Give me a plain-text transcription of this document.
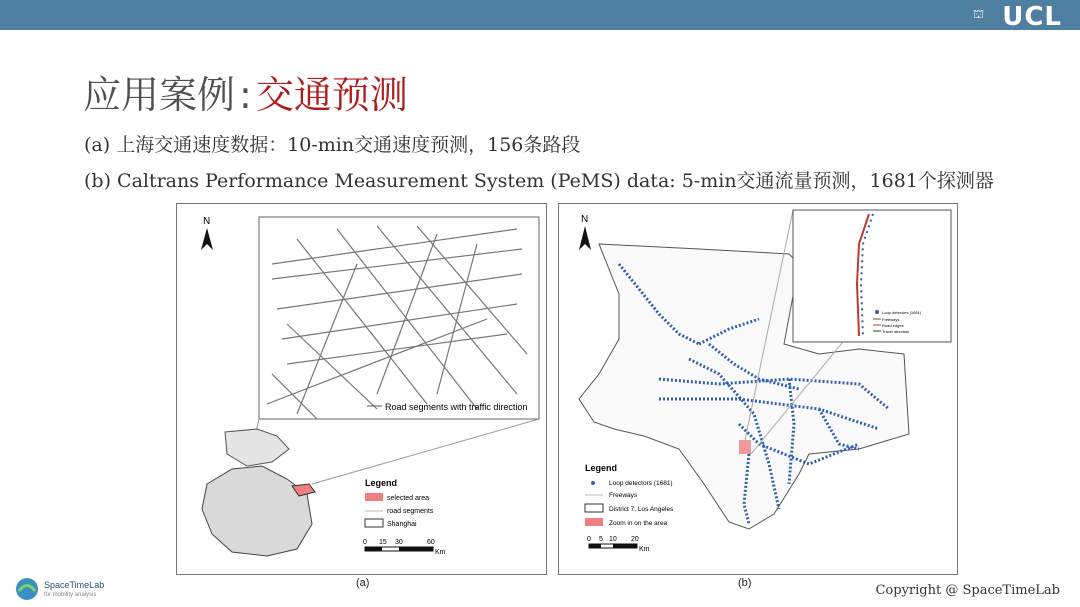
⛫ UCL
应用案例 : 交通预测
(a) 上海交通速度数据：10-min交通速度预测，156条路段
(b) Caltrans Performance Measurement System (PeMS) data: 5-min交通流量预测，1681个探测器
N
Road segments with traffic direction
Legend
selected area
road segments
Shanghai
0 15 30	60
Km
(a)
N
Loop detectors (1681)
Freeways
Road edges
Travel direction
Legend
Loop detectors (1681)
Freeways
District 7, Los Angeles
Zoom in on the area
0 5 10 20
Km
(b)
SpaceTimeLab
for mobility analysis	Copyright @ SpaceTimeLab
